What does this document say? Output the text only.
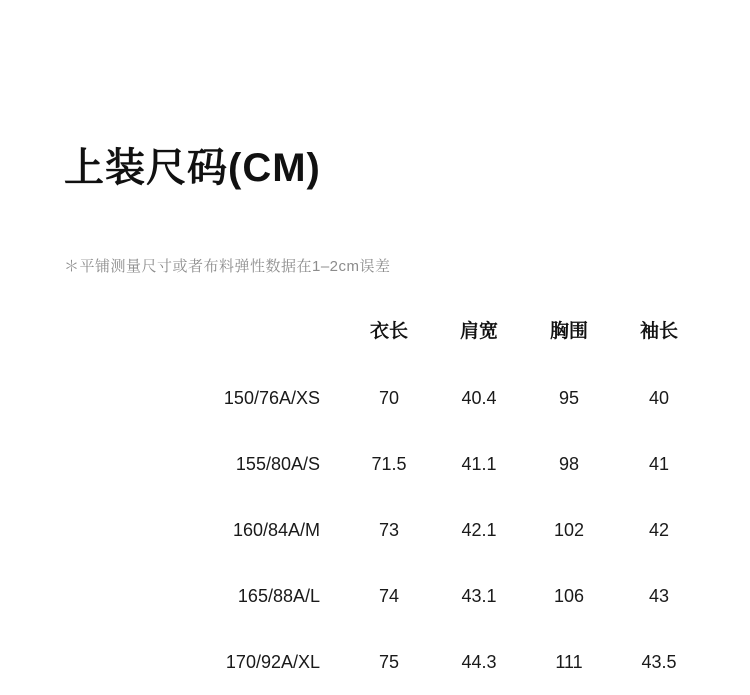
上装尺码(CM)
＊平铺测量尺寸或者布料弹性数据在1–2cm误差
	衣长	肩宽	胸围	袖长
150/76A/XS	70	40.4	95	40
155/80A/S	71.5	41.1	98	41
160/84A/M	73	42.1	102	42
165/88A/L	74	43.1	106	43
170/92A/XL	75	44.3	111	43.5
